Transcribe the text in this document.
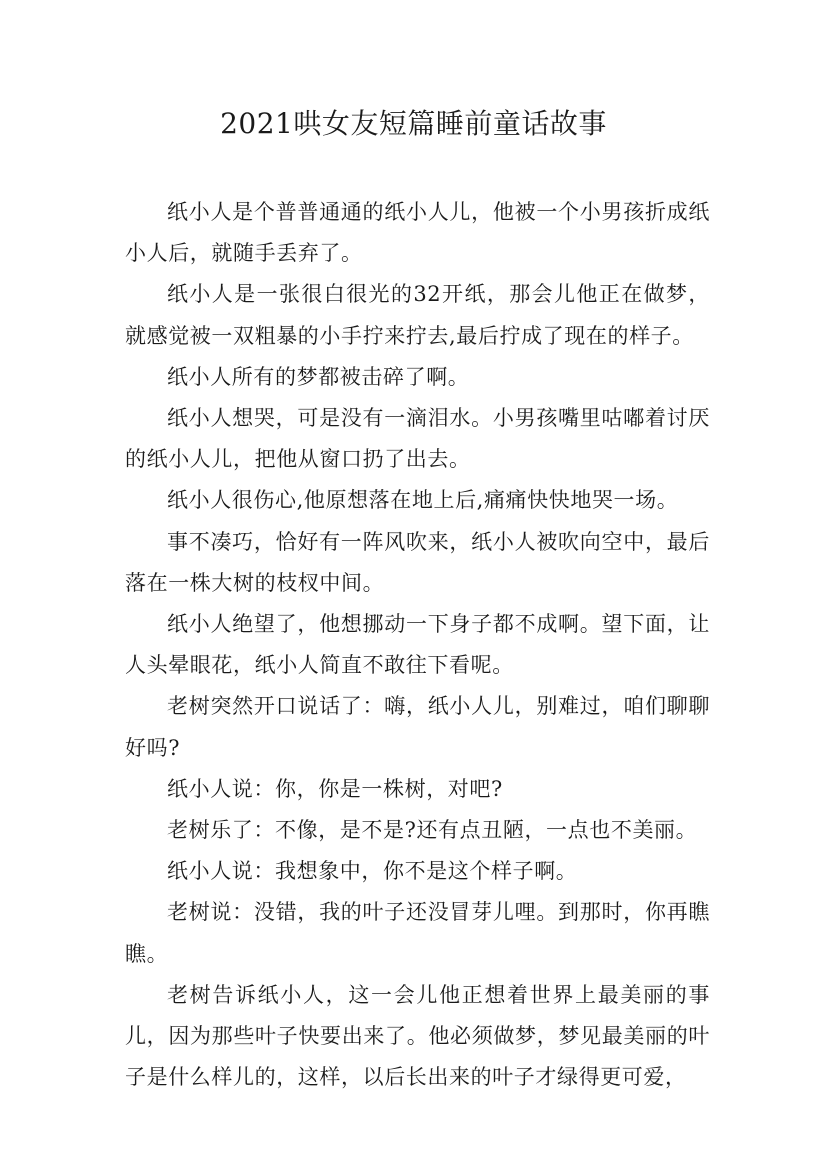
2021哄女友短篇睡前童话故事

纸小人是个普普通通的纸小人儿，他被一个小男孩折成纸小人后，就随手丢弃了。

纸小人是一张很白很光的32开纸，那会儿他正在做梦，就感觉被一双粗暴的小手拧来拧去,最后拧成了现在的样子。

纸小人所有的梦都被击碎了啊。

纸小人想哭，可是没有一滴泪水。小男孩嘴里咕嘟着讨厌的纸小人儿，把他从窗口扔了出去。

纸小人很伤心,他原想落在地上后,痛痛快快地哭一场。

事不凑巧，恰好有一阵风吹来，纸小人被吹向空中，最后落在一株大树的枝杈中间。

纸小人绝望了，他想挪动一下身子都不成啊。望下面，让人头晕眼花，纸小人简直不敢往下看呢。

老树突然开口说话了：嗨，纸小人儿，别难过，咱们聊聊好吗?

纸小人说：你，你是一株树，对吧?

老树乐了：不像，是不是?还有点丑陋，一点也不美丽。

纸小人说：我想象中，你不是这个样子啊。

老树说：没错，我的叶子还没冒芽儿哩。到那时，你再瞧瞧。

老树告诉纸小人，这一会儿他正想着世界上最美丽的事儿，因为那些叶子快要出来了。他必须做梦，梦见最美丽的叶子是什么样儿的，这样，以后长出来的叶子才绿得更可爱，
